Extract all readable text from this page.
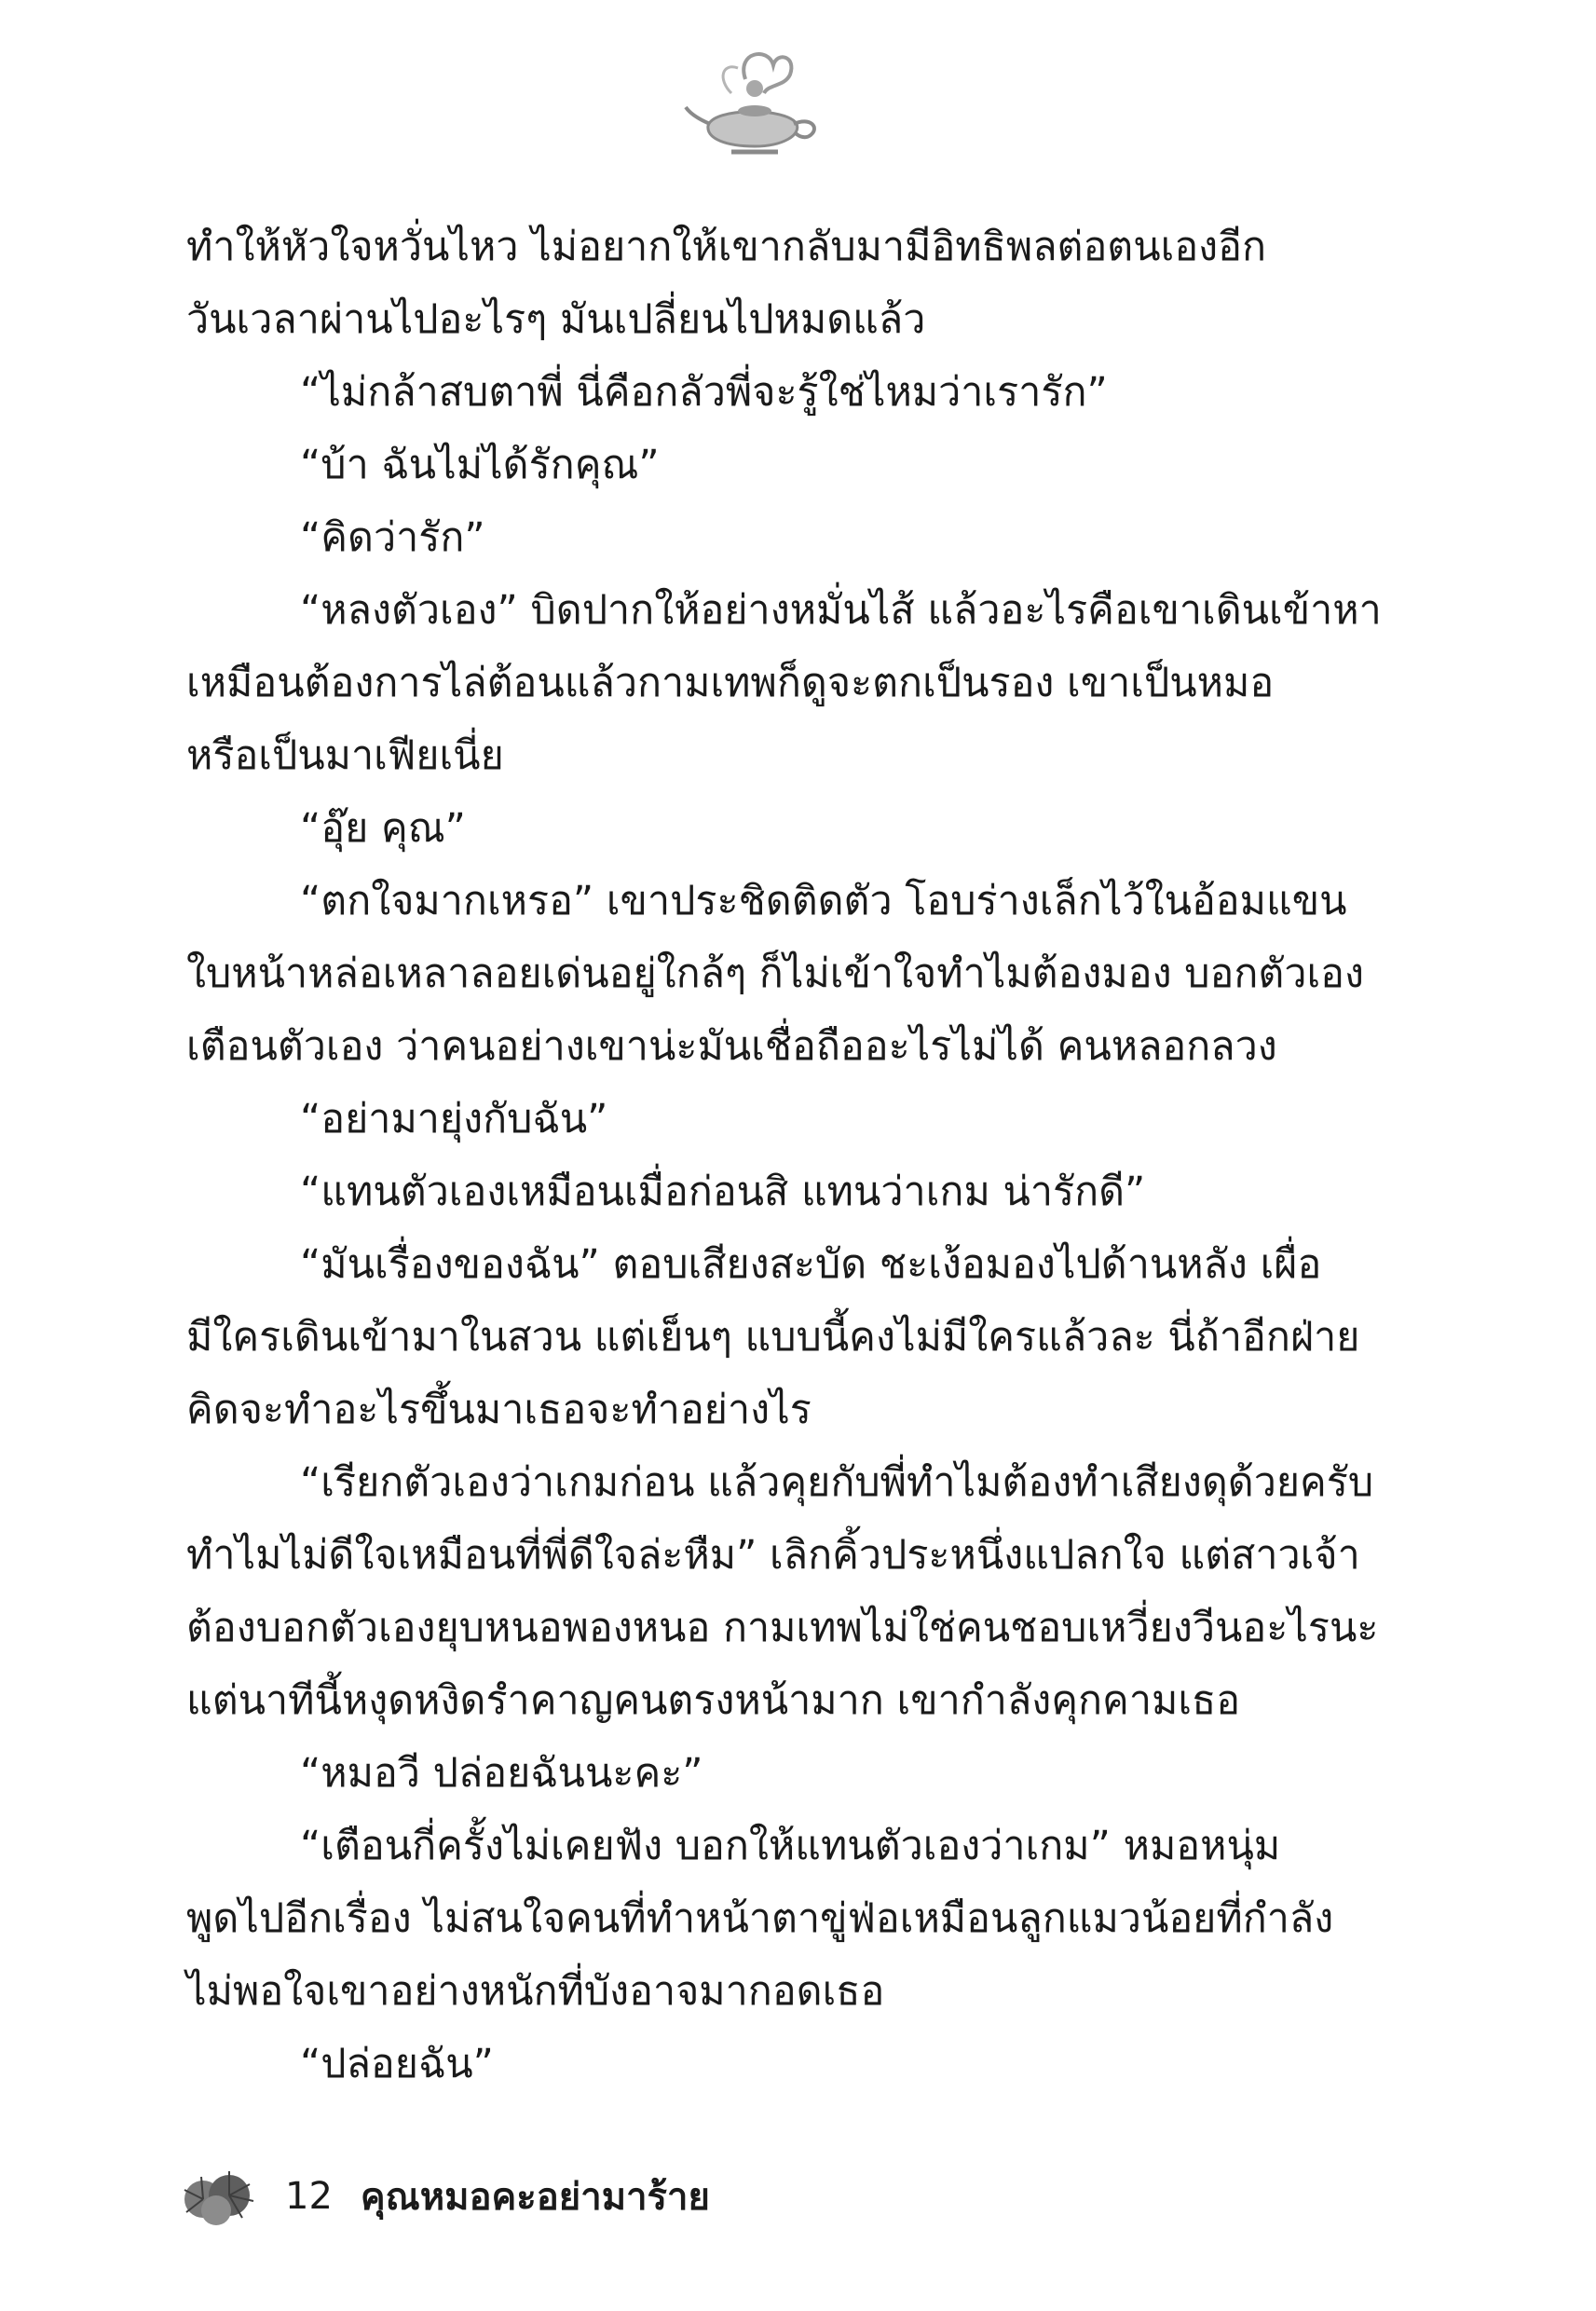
ทำให้หัวใจหวั่นไหว ไม่อยากให้เขากลับมามีอิทธิพลต่อตนเองอีก
วันเวลาผ่านไปอะไรๆ มันเปลี่ยนไปหมดแล้ว
“ไม่กล้าสบตาพี่ นี่คือกลัวพี่จะรู้ใช่ไหมว่าเรารัก”
“บ้า ฉันไม่ได้รักคุณ”
“คิดว่ารัก”
“หลงตัวเอง” บิดปากให้อย่างหมั่นไส้ แล้วอะไรคือเขาเดินเข้าหา
เหมือนต้องการไล่ต้อนแล้วกามเทพก็ดูจะตกเป็นรอง เขาเป็นหมอ
หรือเป็นมาเฟียเนี่ย
“อุ๊ย คุณ”
“ตกใจมากเหรอ” เขาประชิดติดตัว โอบร่างเล็กไว้ในอ้อมแขน
ใบหน้าหล่อเหลาลอยเด่นอยู่ใกล้ๆ ก็ไม่เข้าใจทำไมต้องมอง บอกตัวเอง
เตือนตัวเอง ว่าคนอย่างเขาน่ะมันเชื่อถืออะไรไม่ได้ คนหลอกลวง
“อย่ามายุ่งกับฉัน”
“แทนตัวเองเหมือนเมื่อก่อนสิ แทนว่าเกม น่ารักดี”
“มันเรื่องของฉัน” ตอบเสียงสะบัด ชะเง้อมองไปด้านหลัง เผื่อ
มีใครเดินเข้ามาในสวน แต่เย็นๆ แบบนี้คงไม่มีใครแล้วละ นี่ถ้าอีกฝ่าย
คิดจะทำอะไรขึ้นมาเธอจะทำอย่างไร
“เรียกตัวเองว่าเกมก่อน แล้วคุยกับพี่ทำไมต้องทำเสียงดุด้วยครับ
ทำไมไม่ดีใจเหมือนที่พี่ดีใจล่ะหืม” เลิกคิ้วประหนึ่งแปลกใจ แต่สาวเจ้า
ต้องบอกตัวเองยุบหนอพองหนอ กามเทพไม่ใช่คนชอบเหวี่ยงวีนอะไรนะ
แต่นาทีนี้หงุดหงิดรำคาญคนตรงหน้ามาก เขากำลังคุกคามเธอ
“หมอวี ปล่อยฉันนะคะ”
“เตือนกี่ครั้งไม่เคยฟัง บอกให้แทนตัวเองว่าเกม” หมอหนุ่ม
พูดไปอีกเรื่อง ไม่สนใจคนที่ทำหน้าตาขู่ฟ่อเหมือนลูกแมวน้อยที่กำลัง
ไม่พอใจเขาอย่างหนักที่บังอาจมากอดเธอ
“ปล่อยฉัน”
12 คุณหมอคะอย่ามาร้าย
